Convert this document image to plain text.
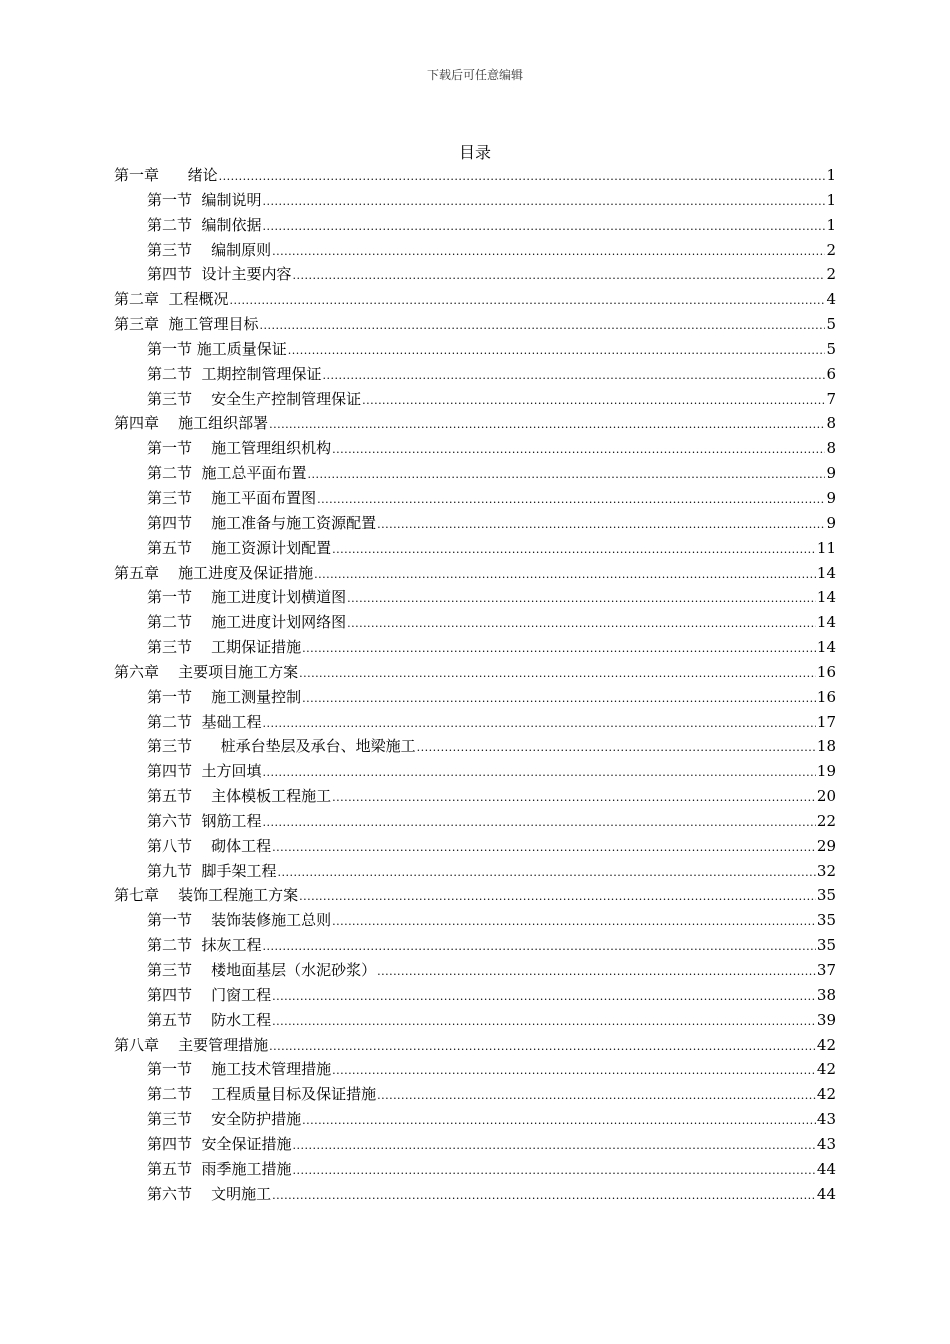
下载后可任意编辑
目录
第一章      绪论 .....	1
第一节  编制说明 .....	1
第二节  编制依据 .....	1
第三节    编制原则 .....	2
第四节  设计主要内容 .....	2
第二章  工程概况 .....	4
第三章  施工管理目标 .....	5
第一节 施工质量保证 .....	5
第二节  工期控制管理保证 .....	6
第三节    安全生产控制管理保证 .....	7
第四章    施工组织部署 .....	8
第一节    施工管理组织机构 .....	8
第二节  施工总平面布置 .....	9
第三节    施工平面布置图 .....	9
第四节    施工准备与施工资源配置 .....	9
第五节    施工资源计划配置 .....	11
第五章    施工进度及保证措施 .....	14
第一节    施工进度计划横道图 .....	14
第二节    施工进度计划网络图 .....	14
第三节    工期保证措施 .....	14
第六章    主要项目施工方案 .....	16
第一节    施工测量控制 .....	16
第二节  基础工程 .....	17
第三节      桩承台垫层及承台、地梁施工 .....	18
第四节  土方回填 .....	19
第五节    主体模板工程施工 .....	20
第六节  钢筋工程 .....	22
第八节    砌体工程 .....	29
第九节  脚手架工程 .....	32
第七章    装饰工程施工方案 .....	35
第一节    装饰装修施工总则 .....	35
第二节  抹灰工程 .....	35
第三节    楼地面基层（水泥砂浆） .....	37
第四节    门窗工程 .....	38
第五节    防水工程 .....	39
第八章    主要管理措施 .....	42
第一节    施工技术管理措施 .....	42
第二节    工程质量目标及保证措施 .....	42
第三节    安全防护措施 .....	43
第四节  安全保证措施 .....	43
第五节  雨季施工措施 .....	44
第六节    文明施工 .....	44
